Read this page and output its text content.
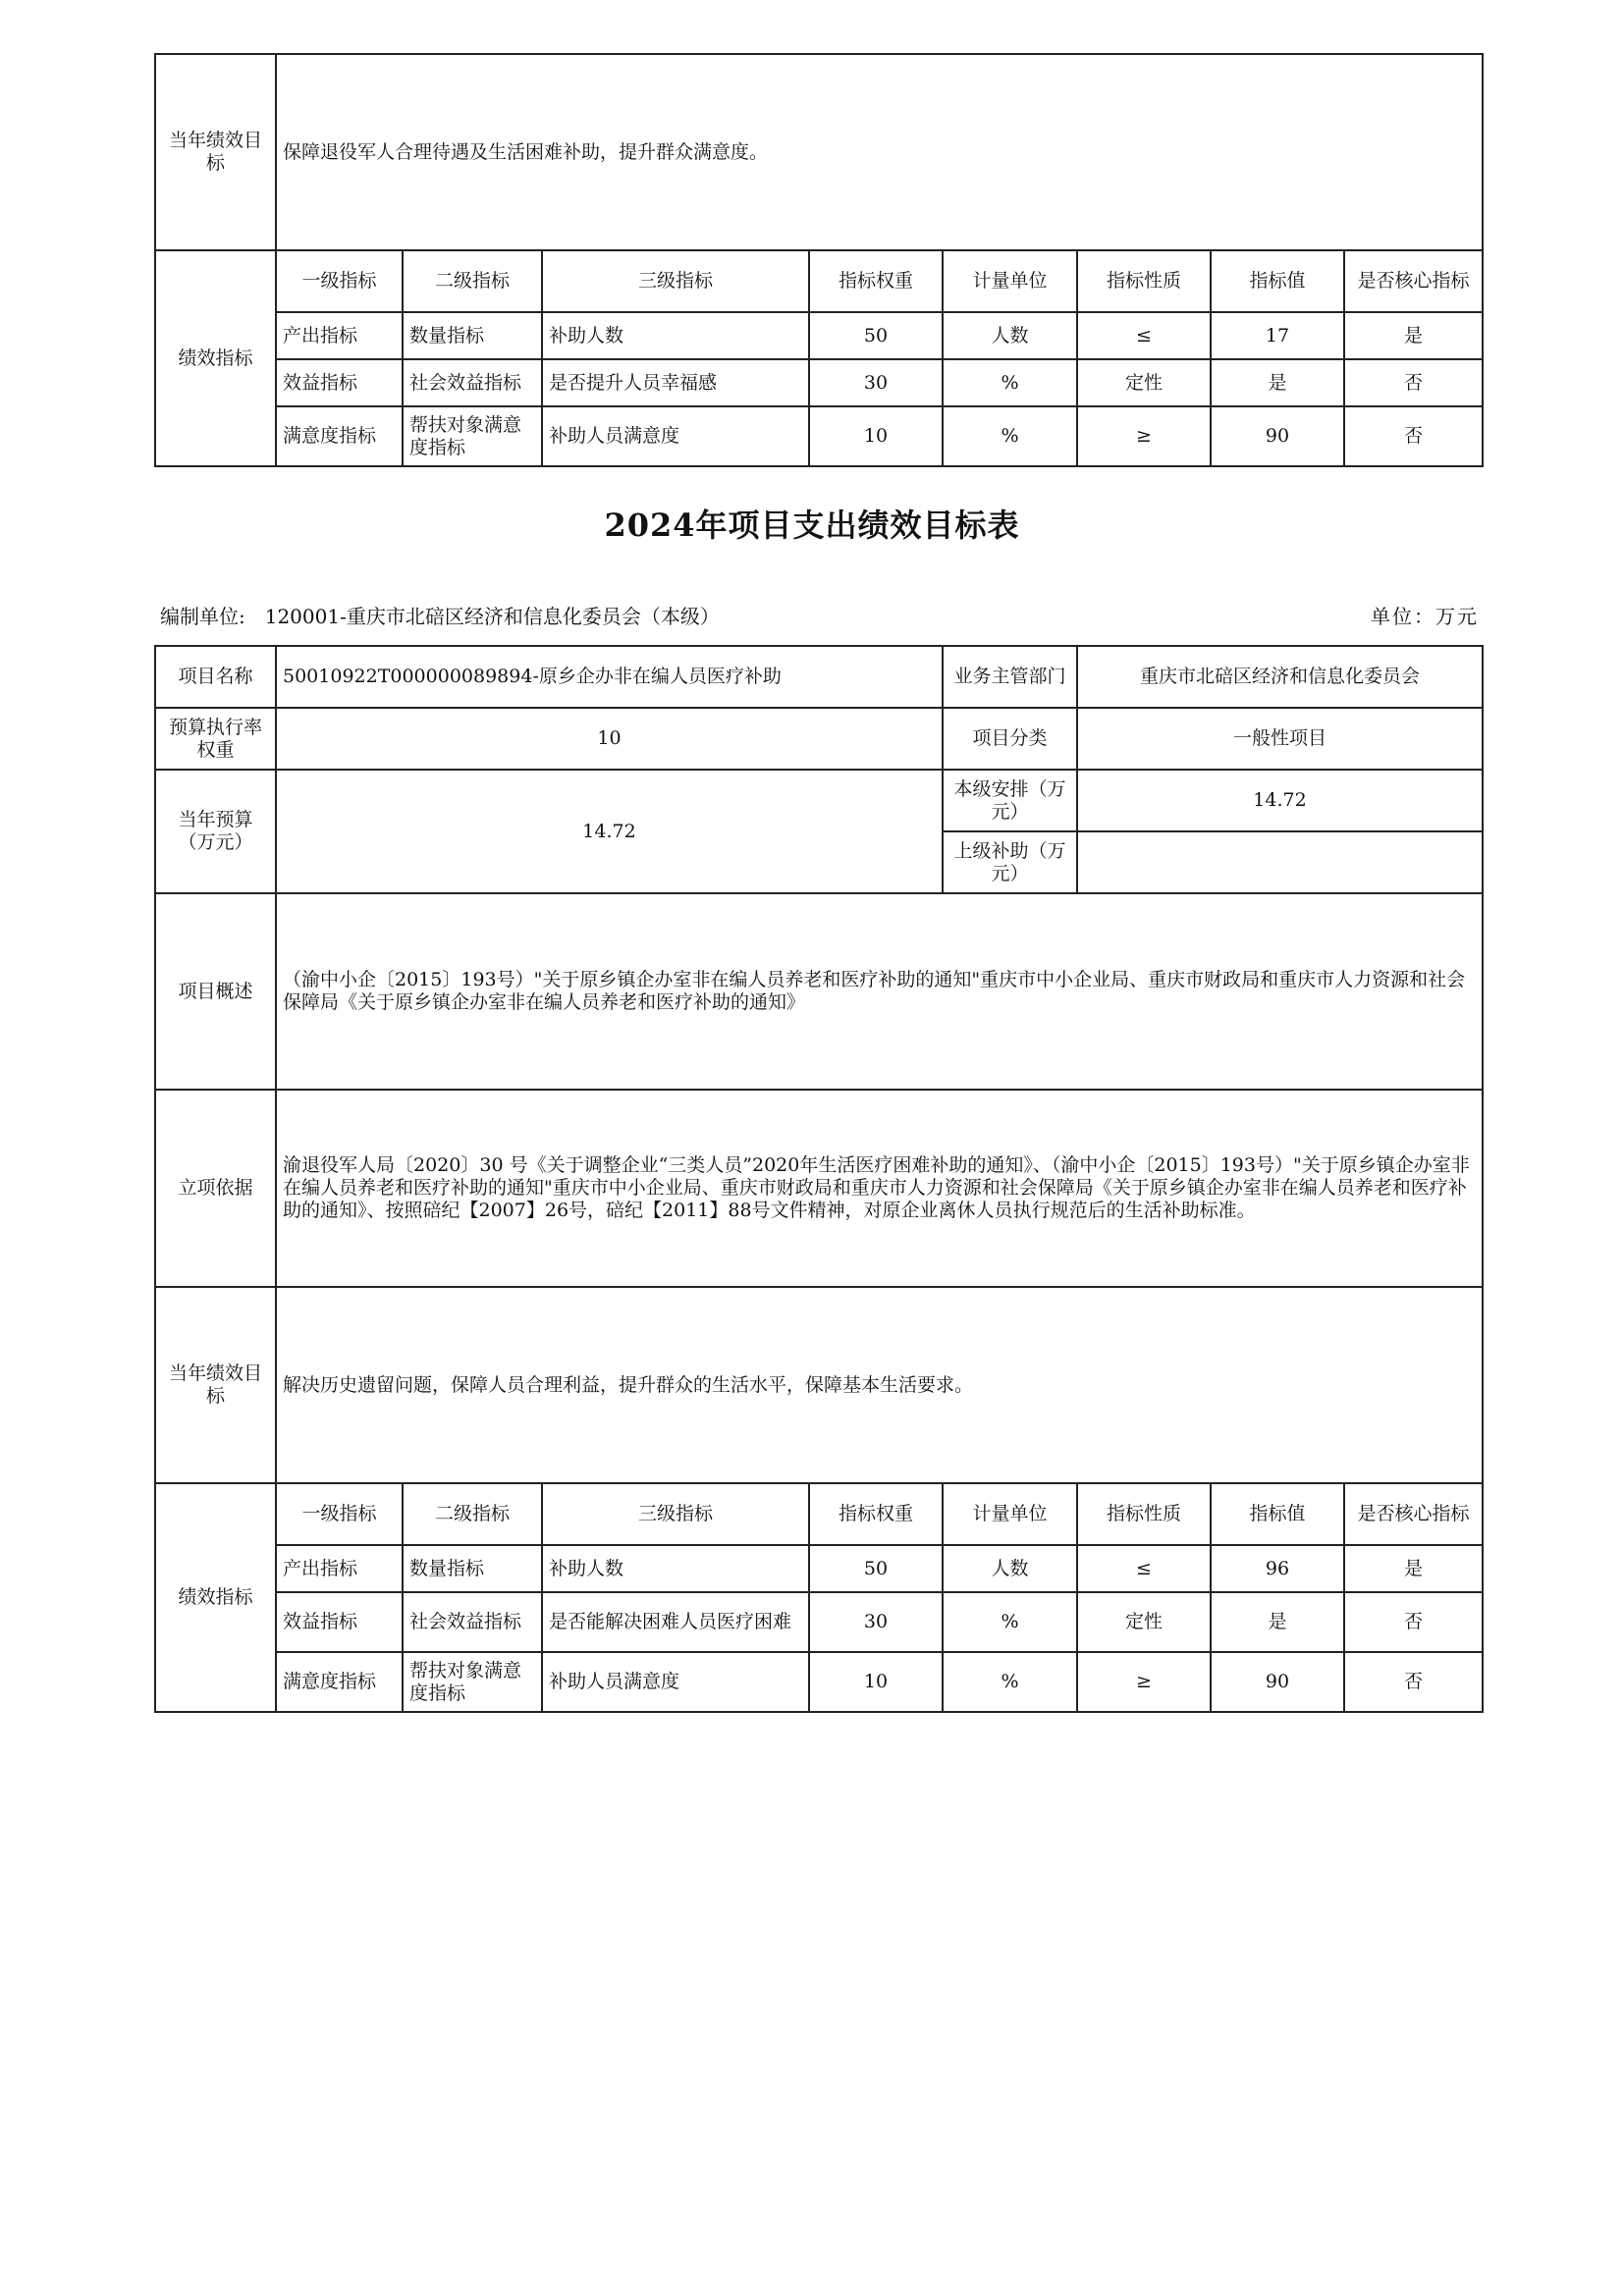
当年绩效目标	保障退役军人合理待遇及生活困难补助，提升群众满意度。							
绩效指标	一级指标	二级指标	三级指标	指标权重	计量单位	指标性质	指标值	是否核心指标
	产出指标	数量指标	补助人数	50	人数	≤	17	是
	效益指标	社会效益指标	是否提升人员幸福感	30	%	定性	是	否
	满意度指标	帮扶对象满意度指标	补助人员满意度	10	%	≥	90	否
2024年项目支出绩效目标表
编制单位:　120001-重庆市北碚区经济和信息化委员会（本级）	单位：万元
项目名称	50010922T000000089894-原乡企办非在编人员医疗补助				业务主管部门	重庆市北碚区经济和信息化委员会		
预算执行率权重	10				项目分类	一般性项目		
当年预算（万元）	14.72				本级安排（万元）	14.72		
					上级补助（万元）			
项目概述	（渝中小企〔2015〕193号）"关于原乡镇企办室非在编人员养老和医疗补助的通知"重庆市中小企业局、重庆市财政局和重庆市人力资源和社会保障局《关于原乡镇企办室非在编人员养老和医疗补助的通知》							
立项依据	渝退役军人局〔2020〕30 号《关于调整企业“三类人员”2020年生活医疗困难补助的通知》、（渝中小企〔2015〕193号）"关于原乡镇企办室非在编人员养老和医疗补助的通知"重庆市中小企业局、重庆市财政局和重庆市人力资源和社会保障局《关于原乡镇企办室非在编人员养老和医疗补助的通知》、按照碚纪【2007】26号，碚纪【2011】88号文件精神，对原企业离休人员执行规范后的生活补助标准。							
当年绩效目标	解决历史遗留问题，保障人员合理利益，提升群众的生活水平，保障基本生活要求。							
绩效指标	一级指标	二级指标	三级指标	指标权重	计量单位	指标性质	指标值	是否核心指标
	产出指标	数量指标	补助人数	50	人数	≤	96	是
	效益指标	社会效益指标	是否能解决困难人员医疗困难	30	%	定性	是	否
	满意度指标	帮扶对象满意度指标	补助人员满意度	10	%	≥	90	否
